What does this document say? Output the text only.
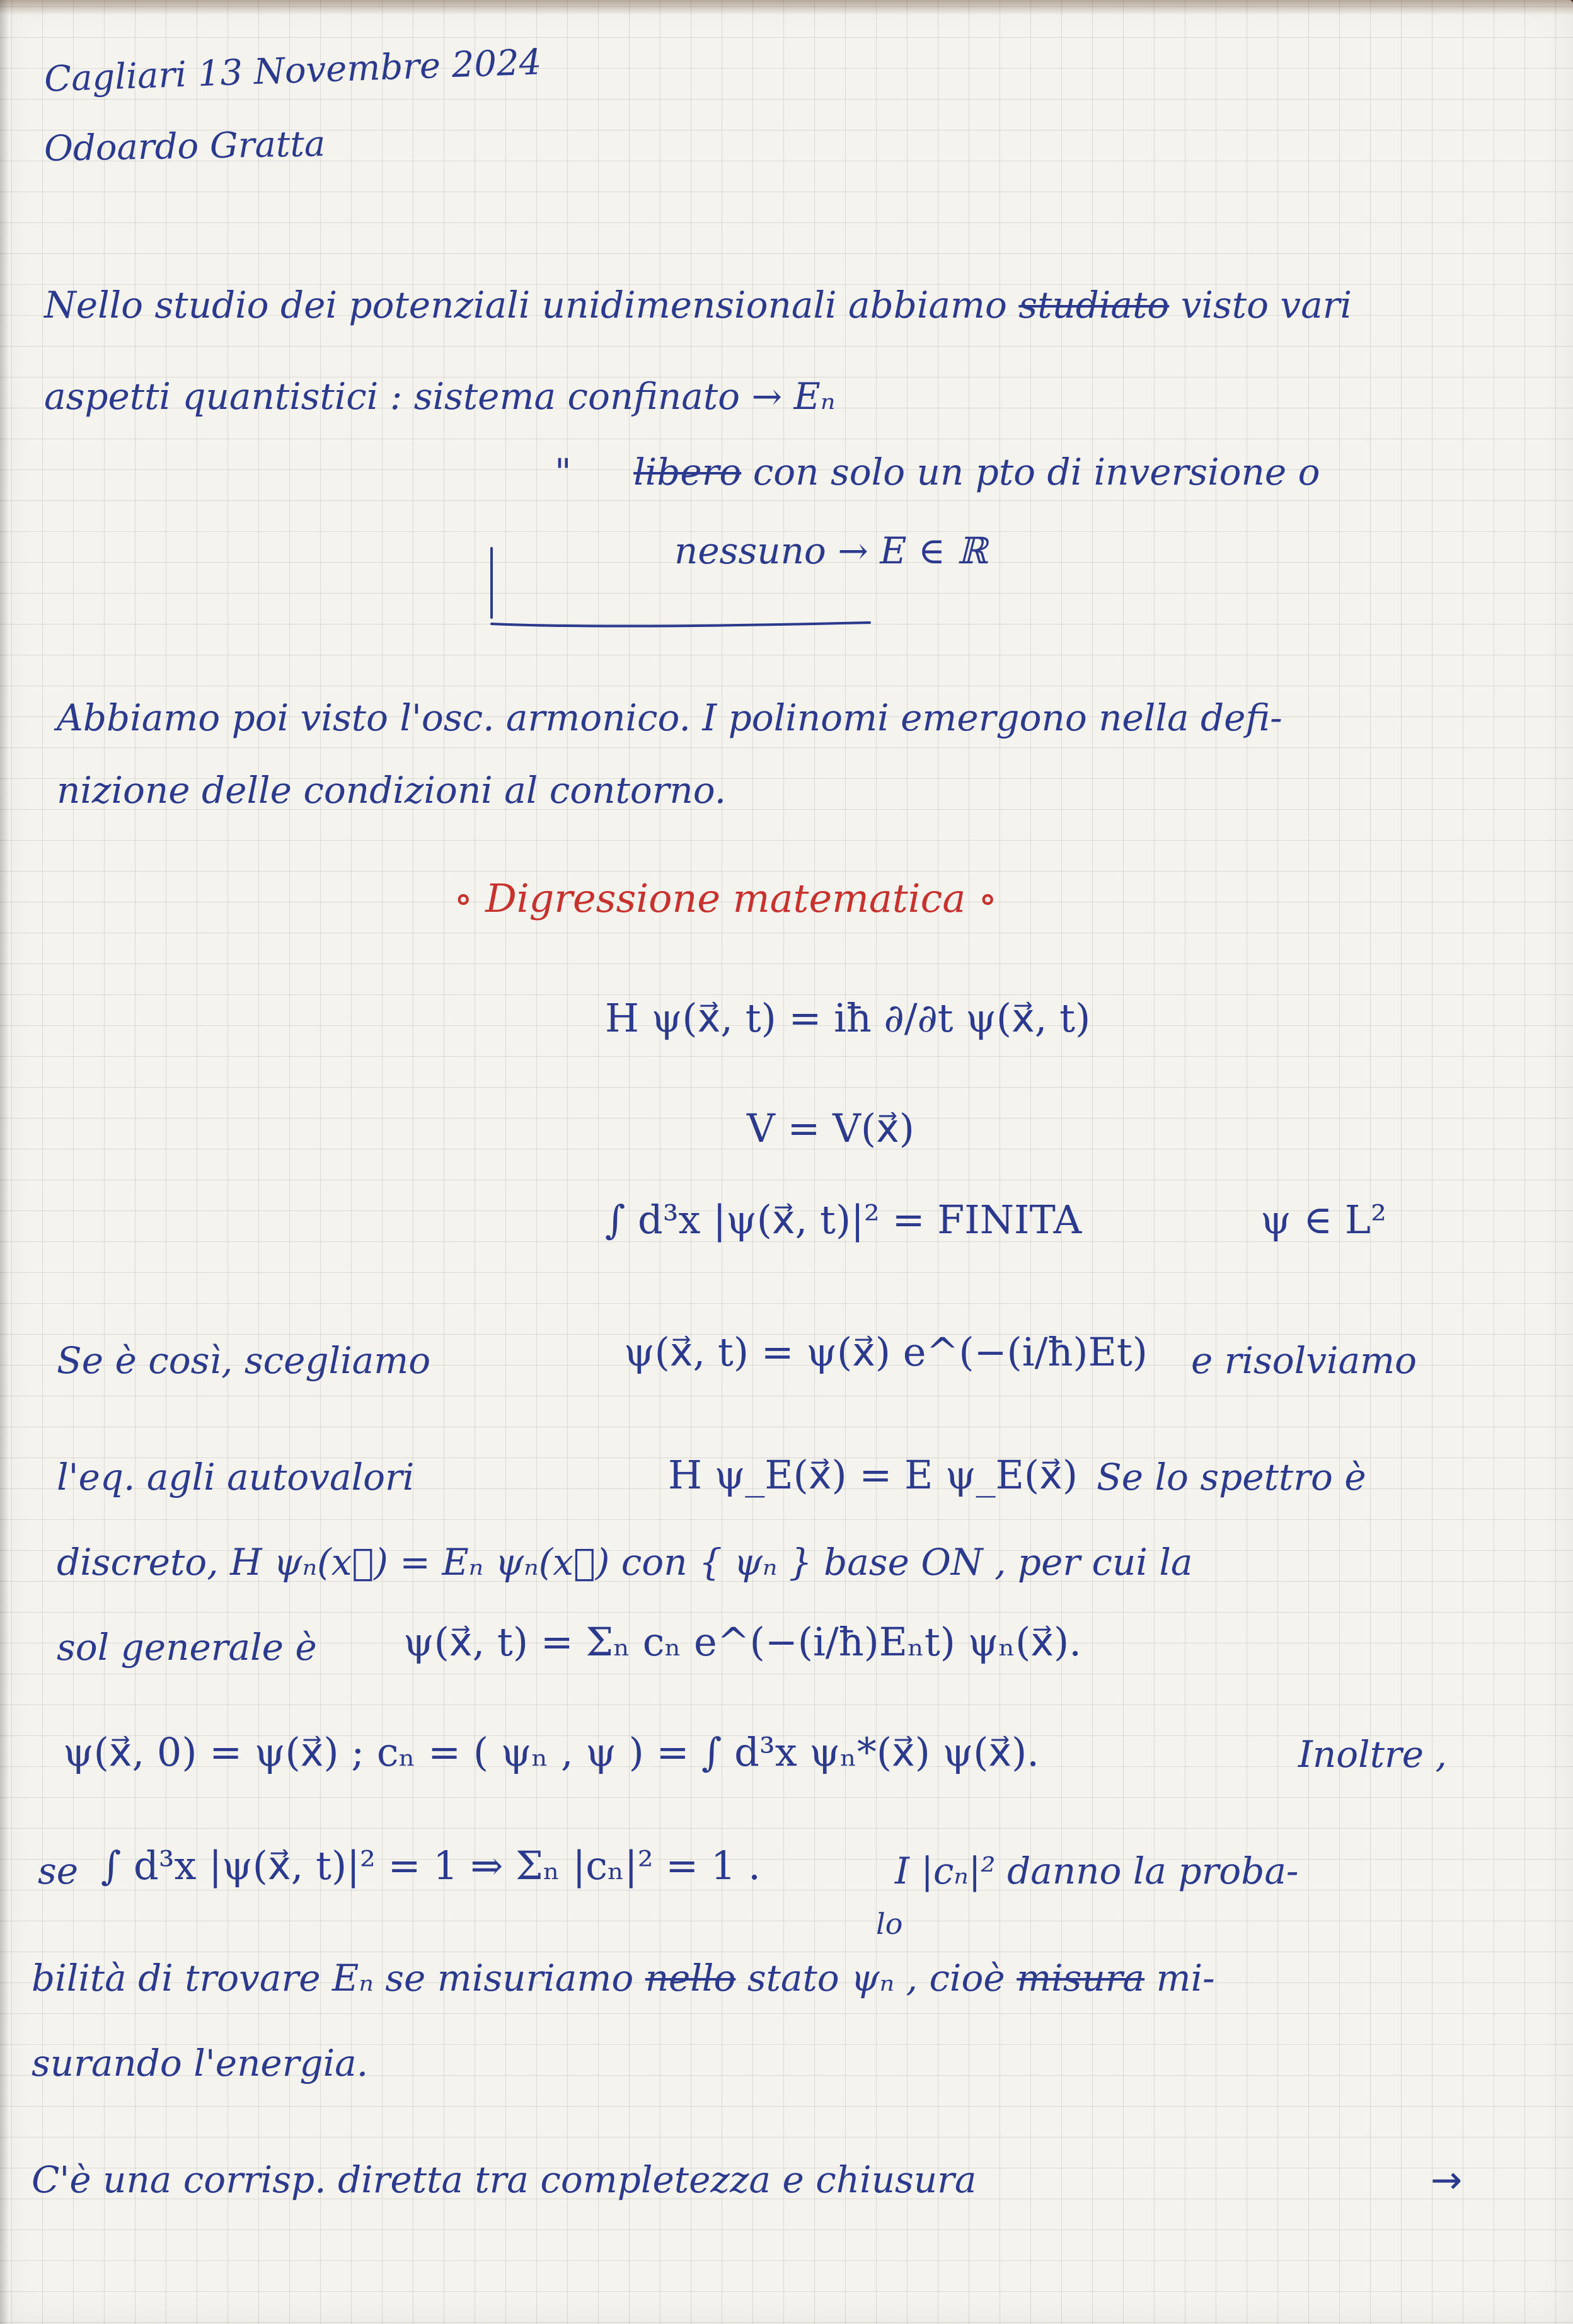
Cagliari 13 Novembre 2024
Odoardo Gratta
Nello studio dei potenziali unidimensionali abbiamo studiato visto vari
aspetti quantistici : sistema confinato → Eₙ
" libero con solo un pto di inversione o
nessuno → E ∈ ℝ
Abbiamo poi visto l'osc. armonico. I polinomi emergono nella defi-
nizione delle condizioni al contorno.
∘ Digressione matematica ∘
H ψ(x⃗, t) = iħ ∂/∂t ψ(x⃗, t)
V = V(x⃗)
∫ d³x |ψ(x⃗, t)|² = FINITA	ψ ∈ L²
Se è così, scegliamo	ψ(x⃗, t) = ψ(x⃗) e^(−(i/ħ)Et) e risolviamo
l'eq. agli autovalori	H ψ_E(x⃗) = E ψ_E(x⃗) Se lo spettro è
discreto, H ψₙ(x⃗) = Eₙ ψₙ(x⃗) con { ψₙ } base ON , per cui la
sol generale è ψ(x⃗, t) = Σₙ cₙ e^(−(i/ħ)Eₙt) ψₙ(x⃗).
ψ(x⃗, 0) = ψ(x⃗) ; cₙ = ( ψₙ , ψ ) = ∫ d³x ψₙ*(x⃗) ψ(x⃗).	Inoltre ,
se ∫ d³x |ψ(x⃗, t)|² = 1 ⇒ Σₙ |cₙ|² = 1 .	I |cₙ|² danno la proba-
lo
bilità di trovare Eₙ se misuriamo nello stato ψₙ , cioè misura mi-
surando l'energia.
C'è una corrisp. diretta tra completezza e chiusura	→
